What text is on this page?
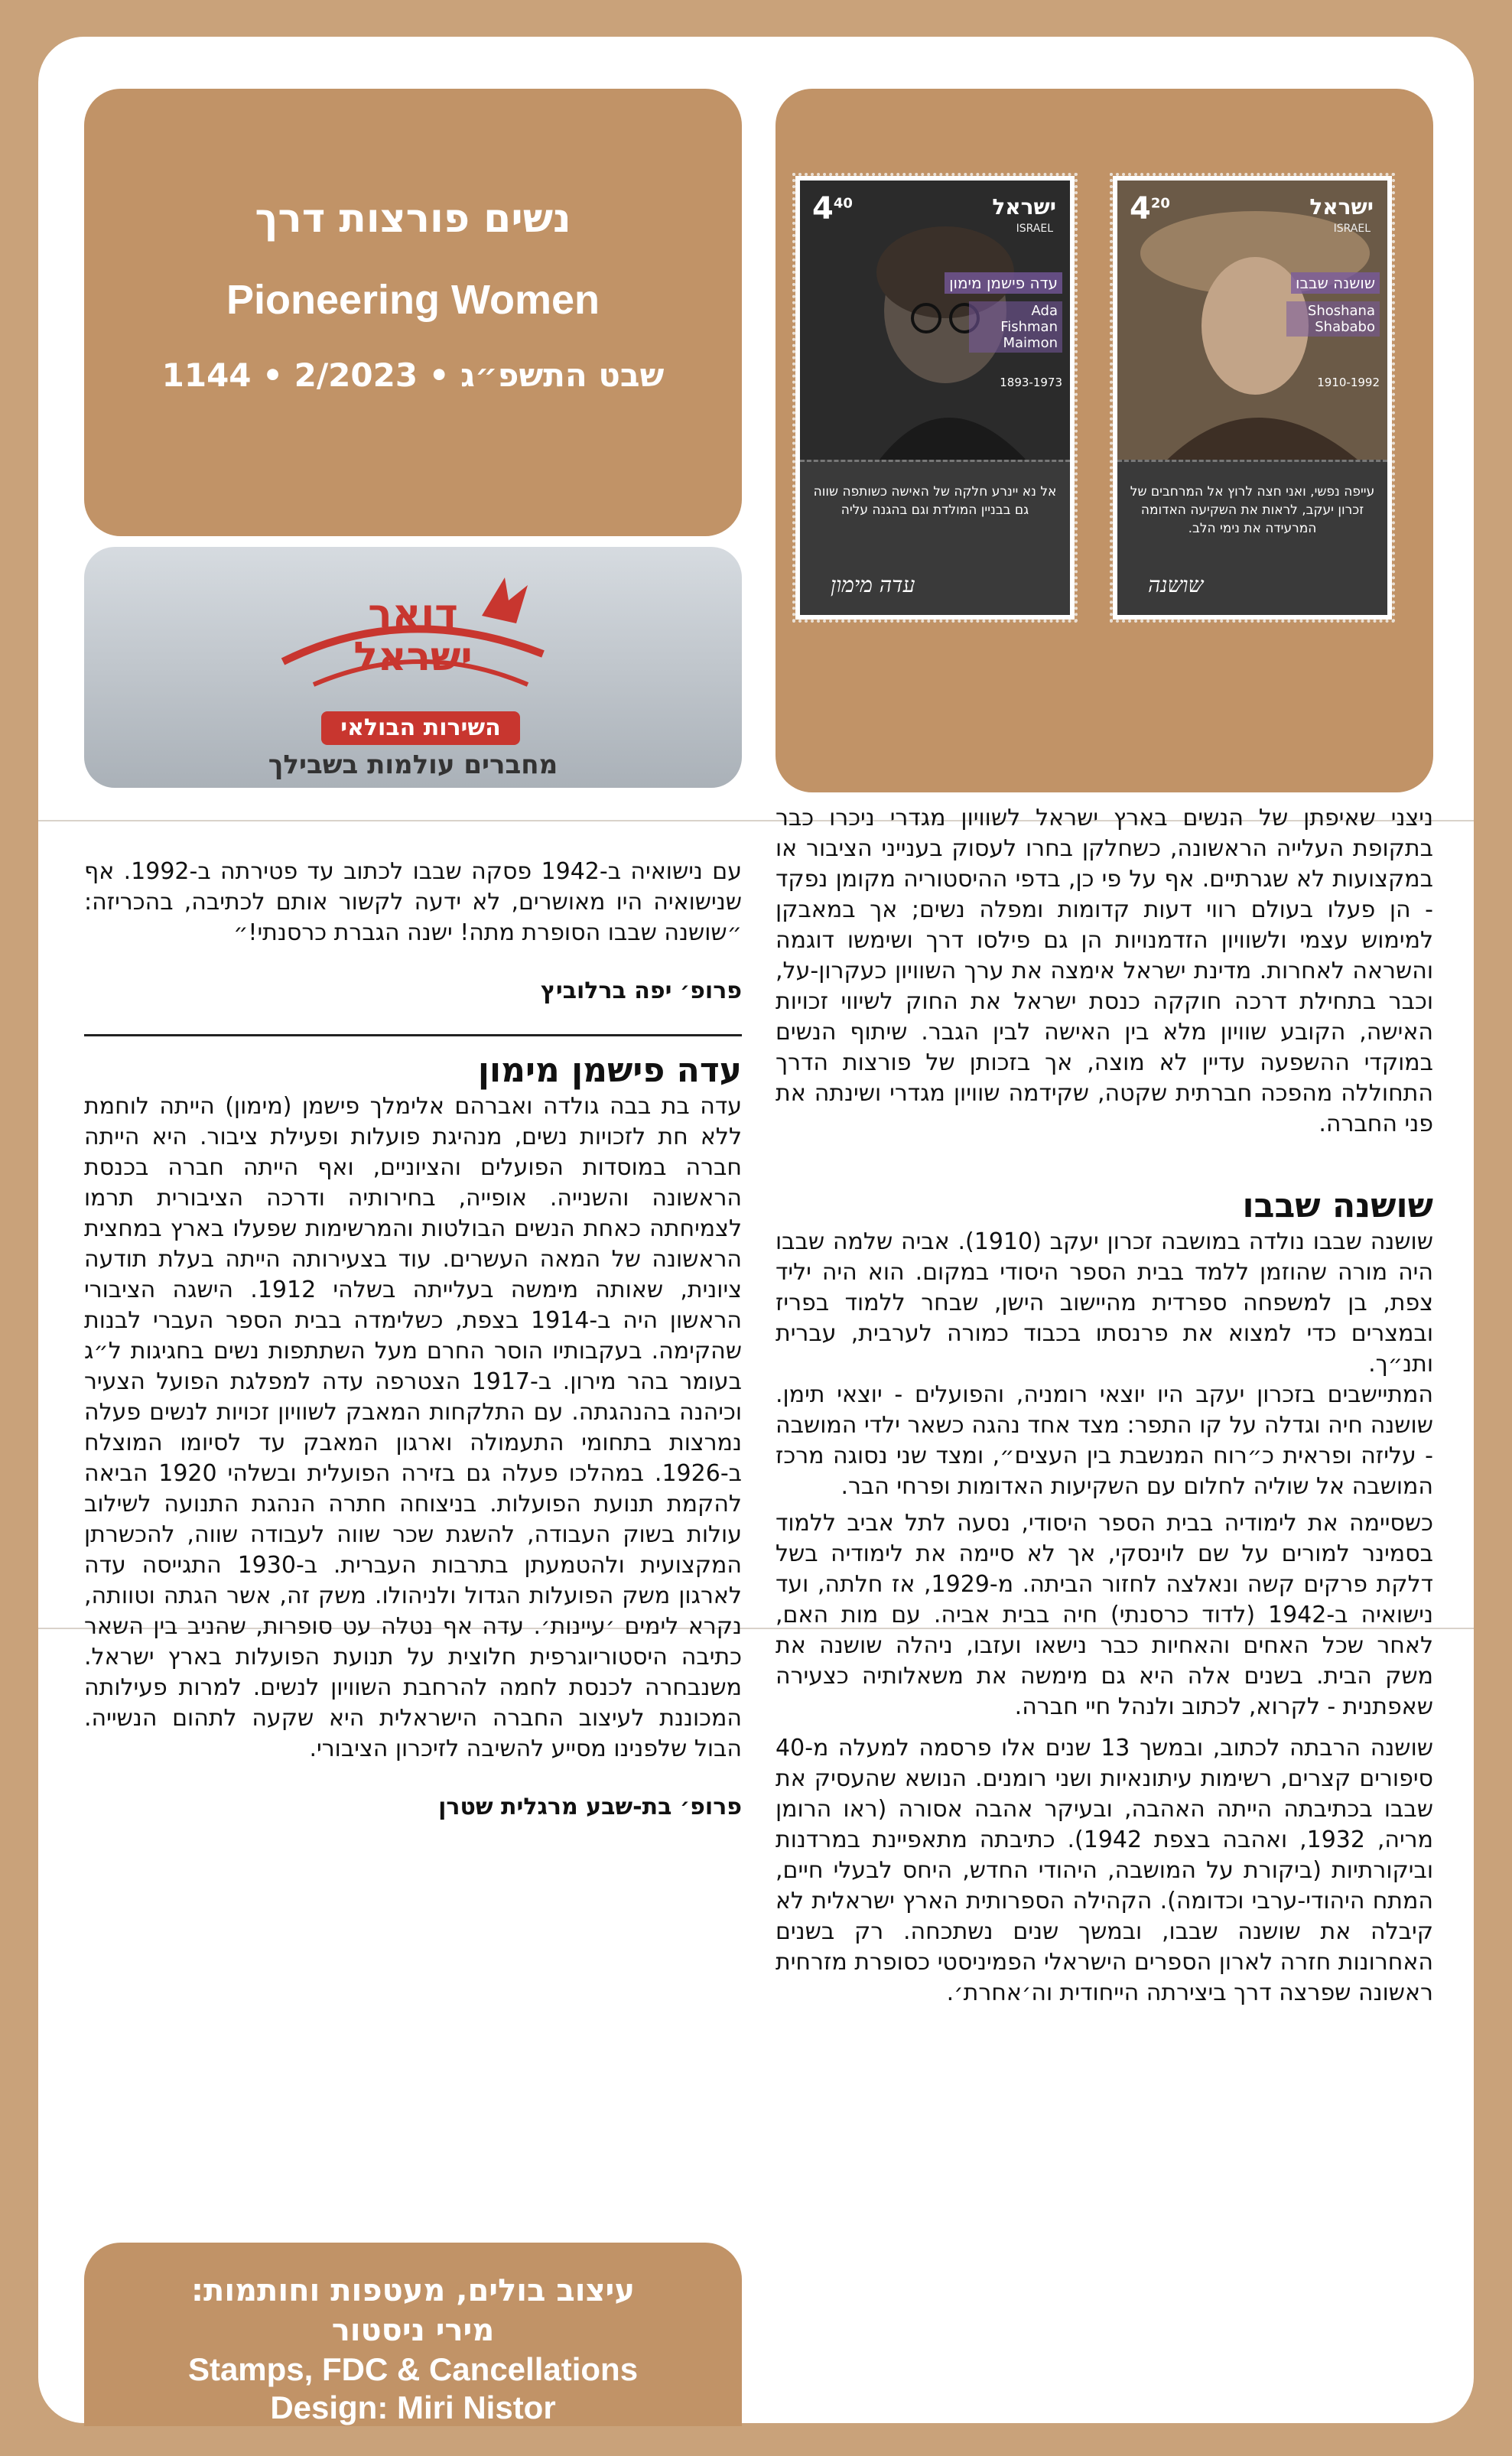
נשים פורצות דרך
Pioneering Women
1144 • 2/2023 • שבט התשפ״ג
דואר
ישראל
השירות הבולאי
מחברים עולמות בשבילך
$4^{40}$	ישראל
ISRAEL
עדה פישמן מימון
Ada Fishman Maimon
1893-1973
אל נא יינרע חלקה של האישה כשותפה שווה גם בבניין המולדת וגם בהגנה עליה
עדה מימון
$4^{20}$	ישראל
ISRAEL
שושנה שבבו
Shoshana Shababo
1910-1992
עייפה נפשי, ואני חצה לרוץ אל המרחבים של זכרון יעקב, לראות את השקיעה האדומה המרעידה את נימי הלב.
שושנה

עם נישואיה ב-1942 פסקה שבבו לכתוב עד פטירתה ב-1992. אף שנישואיה היו מאושרים, לא ידעה לקשור אותם לכתיבה, בהכריזה: ״שושנה שבבו הסופרת מתה! ישנה הגברת כרסנתי!״

פרופ׳ יפה ברלוביץ

עדה פישמן מימון

עדה בת בבה גולדה ואברהם אלימלך פישמן (מימון) הייתה לוחמת ללא חת לזכויות נשים, מנהיגת פועלות ופעילת ציבור. היא הייתה חברה במוסדות הפועלים והציוניים, ואף הייתה חברה בכנסת הראשונה והשנייה. אופייה, בחירותיה ודרכה הציבורית תרמו לצמיחתה כאחת הנשים הבולטות והמרשימות שפעלו בארץ במחצית הראשונה של המאה העשרים. עוד בצעירותה הייתה בעלת תודעה ציונית, שאותה מימשה בעלייתה בשלהי 1912. הישגה הציבורי הראשון היה ב-1914 בצפת, כשלימדה בבית הספר העברי לבנות שהקימה. בעקבותיו הוסר החרם מעל השתתפות נשים בחגיגות ל״ג בעומר בהר מירון. ב-1917 הצטרפה עדה למפלגת הפועל הצעיר וכיהנה בהנהגתה. עם התלקחות המאבק לשוויון זכויות לנשים פעלה נמרצות בתחומי התעמולה וארגון המאבק עד לסיומו המוצלח ב-1926. במהלכו פעלה גם בזירה הפועלית ובשלהי 1920 הביאה להקמת תנועת הפועלות. בניצוחה חתרה הנהגת התנועה לשילוב עולות בשוק העבודה, להשגת שכר שווה לעבודה שווה, להכשרתן המקצועית ולהטמעתן בתרבות העברית. ב-1930 התגייסה עדה לארגון משק הפועלות הגדול ולניהולו. משק זה, אשר הגתה וטוותה, נקרא לימים ׳עיינות׳. עדה אף נטלה עט סופרות, שהניב בין השאר כתיבה היסטוריוגרפית חלוצית על תנועת הפועלות בארץ ישראל. משנבחרה לכנסת לחמה להרחבת השוויון לנשים. למרות פעילותה המכוננת לעיצוב החברה הישראלית היא שקעה לתהום הנשייה. הבול שלפנינו מסייע להשיבה לזיכרון הציבורי.

פרופ׳ בת-שבע מרגלית שטרן

ניצני שאיפתן של הנשים בארץ ישראל לשוויון מגדרי ניכרו כבר בתקופת העלייה הראשונה, כשחלקן בחרו לעסוק בענייני הציבור או במקצועות לא שגרתיים. אף על פי כן, בדפי ההיסטוריה מקומן נפקד - הן פעלו בעולם רווי דעות קדומות ומפלה נשים; אך במאבקן למימוש עצמי ולשוויון הזדמנויות הן גם פילסו דרך ושימשו דוגמה והשראה לאחרות. מדינת ישראל אימצה את ערך השוויון כעקרון-על, וכבר בתחילת דרכה חוקקה כנסת ישראל את החוק לשיווי זכויות האישה, הקובע שוויון מלא בין האישה לבין הגבר. שיתוף הנשים במוקדי ההשפעה עדיין לא מוצה, אך בזכותן של פורצות הדרך התחוללה מהפכה חברתית שקטה, שקידמה שוויון מגדרי ושינתה את פני החברה.

שושנה שבבו

שושנה שבבו נולדה במושבה זכרון יעקב (1910). אביה שלמה שבבו היה מורה שהוזמן ללמד בבית הספר היסודי במקום. הוא היה יליד צפת, בן למשפחה ספרדית מהיישוב הישן, שבחר ללמוד בפריז ובמצרים כדי למצוא את פרנסתו בכבוד כמורה לערבית, עברית ותנ״ך.

המתיישבים בזכרון יעקב היו יוצאי רומניה, והפועלים - יוצאי תימן. שושנה חיה וגדלה על קו התפר: מצד אחד נהגה כשאר ילדי המושבה - עליזה ופראית כ״רוח המנשבת בין העצים״, ומצד שני נסוגה מרכז המושבה אל שוליה לחלום עם השקיעות האדומות ופרחי הבר.

כשסיימה את לימודיה בבית הספר היסודי, נסעה לתל אביב ללמוד בסמינר למורים על שם לוינסקי, אך לא סיימה את לימודיה בשל דלקת פרקים קשה ונאלצה לחזור הביתה. מ-1929, אז חלתה, ועד נישואיה ב-1942 (לדוד כרסנתי) חיה בבית אביה. עם מות האם, לאחר שכל האחים והאחיות כבר נישאו ועזבו, ניהלה שושנה את משק הבית. בשנים אלה היא גם מימשה את משאלותיה כצעירה שאפתנית - לקרוא, לכתוב ולנהל חיי חברה.

שושנה הרבתה לכתוב, ובמשך 13 שנים אלו פרסמה למעלה מ-40 סיפורים קצרים, רשימות עיתונאיות ושני רומנים. הנושא שהעסיק את שבבו בכתיבתה הייתה האהבה, ובעיקר אהבה אסורה (ראו הרומן מריה, 1932, ואהבה בצפת 1942). כתיבתה מתאפיינת במרדנות וביקורתיות (ביקורת על המושבה, היהודי החדש, היחס לבעלי חיים, המתח היהודי-ערבי וכדומה). הקהילה הספרותית הארץ ישראלית לא קיבלה את שושנה שבבו, ובמשך שנים נשתכחה. רק בשנים האחרונות חזרה לארון הספרים הישראלי הפמיניסטי כסופרת מזרחית ראשונה שפרצה דרך ביצירתה הייחודית וה׳אחרת׳.

עיצוב בולים, מעטפות וחותמות:
מירי ניסטור
Stamps, FDC & Cancellations
Design: Miri Nistor
